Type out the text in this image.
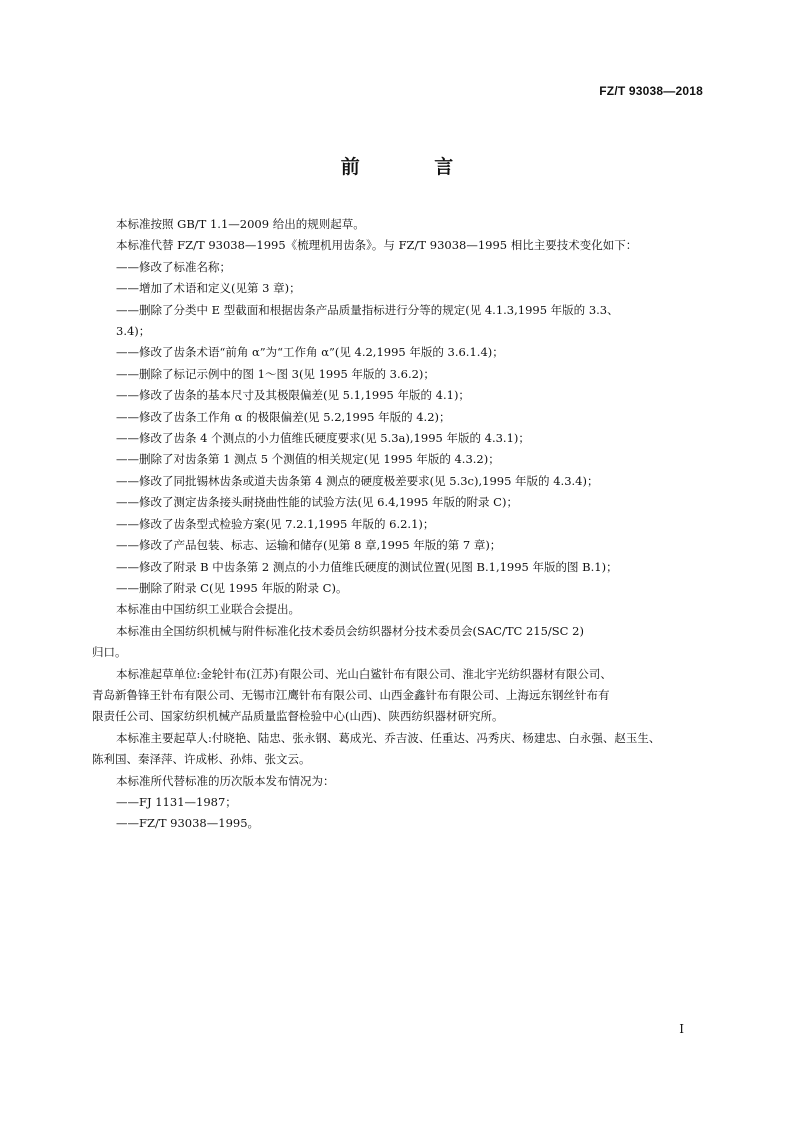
FZ/T 93038—2018
前 言

本标准按照 GB/T 1.1—2009 给出的规则起草。

本标准代替 FZ/T 93038—1995《梳理机用齿条》。与 FZ/T 93038—1995 相比主要技术变化如下：

——修改了标准名称；

——增加了术语和定义(见第 3 章)；

——删除了分类中 E 型截面和根据齿条产品质量指标进行分等的规定(见 4.1.3,1995 年版的 3.3、

3.4)；

——修改了齿条术语“前角 α”为“工作角 α”(见 4.2,1995 年版的 3.6.1.4)；

——删除了标记示例中的图 1～图 3(见 1995 年版的 3.6.2)；

——修改了齿条的基本尺寸及其极限偏差(见 5.1,1995 年版的 4.1)；

——修改了齿条工作角 α 的极限偏差(见 5.2,1995 年版的 4.2)；

——修改了齿条 4 个测点的小力值维氏硬度要求(见 5.3a),1995 年版的 4.3.1)；

——删除了对齿条第 1 测点 5 个测值的相关规定(见 1995 年版的 4.3.2)；

——修改了同批锡林齿条或道夫齿条第 4 测点的硬度极差要求(见 5.3c),1995 年版的 4.3.4)；

——修改了测定齿条接头耐挠曲性能的试验方法(见 6.4,1995 年版的附录 C)；

——修改了齿条型式检验方案(见 7.2.1,1995 年版的 6.2.1)；

——修改了产品包装、标志、运输和储存(见第 8 章,1995 年版的第 7 章)；

——修改了附录 B 中齿条第 2 测点的小力值维氏硬度的测试位置(见图 B.1,1995 年版的图 B.1)；

——删除了附录 C(见 1995 年版的附录 C)。

本标准由中国纺织工业联合会提出。

本标准由全国纺织机械与附件标准化技术委员会纺织器材分技术委员会(SAC/TC 215/SC 2)

归口。

本标准起草单位:金轮针布(江苏)有限公司、光山白鲨针布有限公司、淮北宇光纺织器材有限公司、

青岛新鲁锋王针布有限公司、无锡市江鹰针布有限公司、山西金鑫针布有限公司、上海远东钢丝针布有

限责任公司、国家纺织机械产品质量监督检验中心(山西)、陕西纺织器材研究所。

本标准主要起草人:付晓艳、陆忠、张永钢、葛成光、乔吉波、任重达、冯秀庆、杨建忠、白永强、赵玉生、

陈利国、秦泽萍、许成彬、孙炜、张文云。

本标准所代替标准的历次版本发布情况为：

——FJ 1131—1987；

——FZ/T 93038—1995。

I
